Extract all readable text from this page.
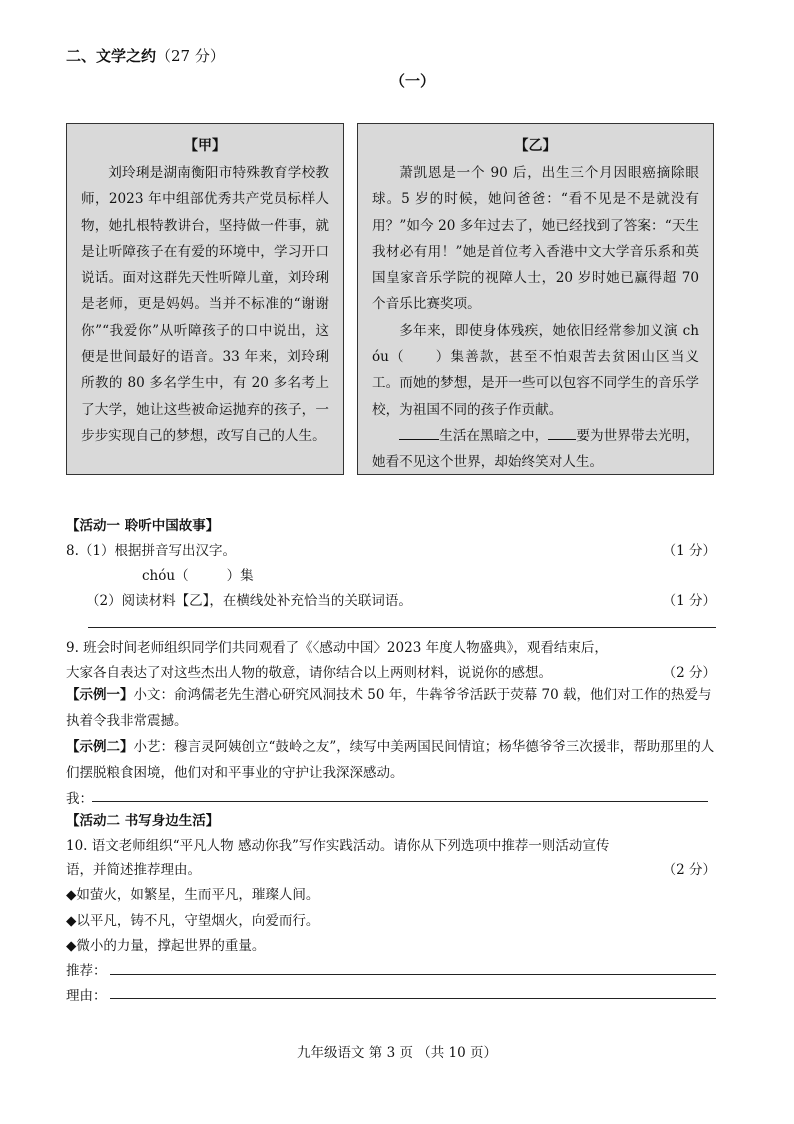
二、文学之约（27 分）
（一）
【甲】

刘玲琍是湖南衡阳市特殊教育学校教师，2023 年中组部优秀共产党员标样人物，她扎根特教讲台，坚持做一件事，就是让听障孩子在有爱的环境中，学习开口说话。面对这群先天性听障儿童，刘玲琍是老师，更是妈妈。当并不标准的“谢谢你”“我爱你”从听障孩子的口中说出，这便是世间最好的语音。33 年来，刘玲琍所教的 80 多名学生中，有 20 多名考上了大学，她让这些被命运抛弃的孩子，一步步实现自己的梦想，改写自己的人生。

【乙】

萧凯恩是一个 90 后，出生三个月因眼癌摘除眼球。5 岁的时候，她问爸爸：“看不见是不是就没有用？”如今 20 多年过去了，她已经找到了答案：“天生我材必有用！”她是首位考入香港中文大学音乐系和英国皇家音乐学院的视障人士，20 岁时她已赢得超 70 个音乐比赛奖项。

多年来，即使身体残疾，她依旧经常参加义演 chóu（ ）集善款，甚至不怕艰苦去贫困山区当义工。而她的梦想，是开一些可以包容不同学生的音乐学校，为祖国不同的孩子作贡献。

生活在黑暗之中， 要为世界带去光明，她看不见这个世界，却始终笑对人生。

【活动一 聆听中国故事】
8.（1）根据拼音写出汉字。	（1 分）
chóu（	）集
（2）阅读材料【乙】，在横线处补充恰当的关联词语。	（1 分）
9. 班会时间老师组织同学们共同观看了《〈感动中国〉2023 年度人物盛典》，观看结束后，
大家各自表达了对这些杰出人物的敬意，请你结合以上两则材料，说说你的感想。	（2 分）
【示例一】小文：俞鸿儒老先生潜心研究风洞技术 50 年，牛犇爷爷活跃于荧幕 70 载，他们对工作的热爱与执着令我非常震撼。
【示例二】小艺：穆言灵阿姨创立“鼓岭之友”，续写中美两国民间情谊；杨华德爷爷三次援非，帮助那里的人们摆脱粮食困境，他们对和平事业的守护让我深深感动。
我：
【活动二 书写身边生活】
10. 语文老师组织“平凡人物 感动你我”写作实践活动。请你从下列选项中推荐一则活动宣传
语，并简述推荐理由。	（2 分）
◆如萤火，如繁星，生而平凡，璀璨人间。
◆以平凡，铸不凡，守望烟火，向爱而行。
◆微小的力量，撑起世界的重量。
推荐：
理由：
九年级语文 第 3 页 （共 10 页）
